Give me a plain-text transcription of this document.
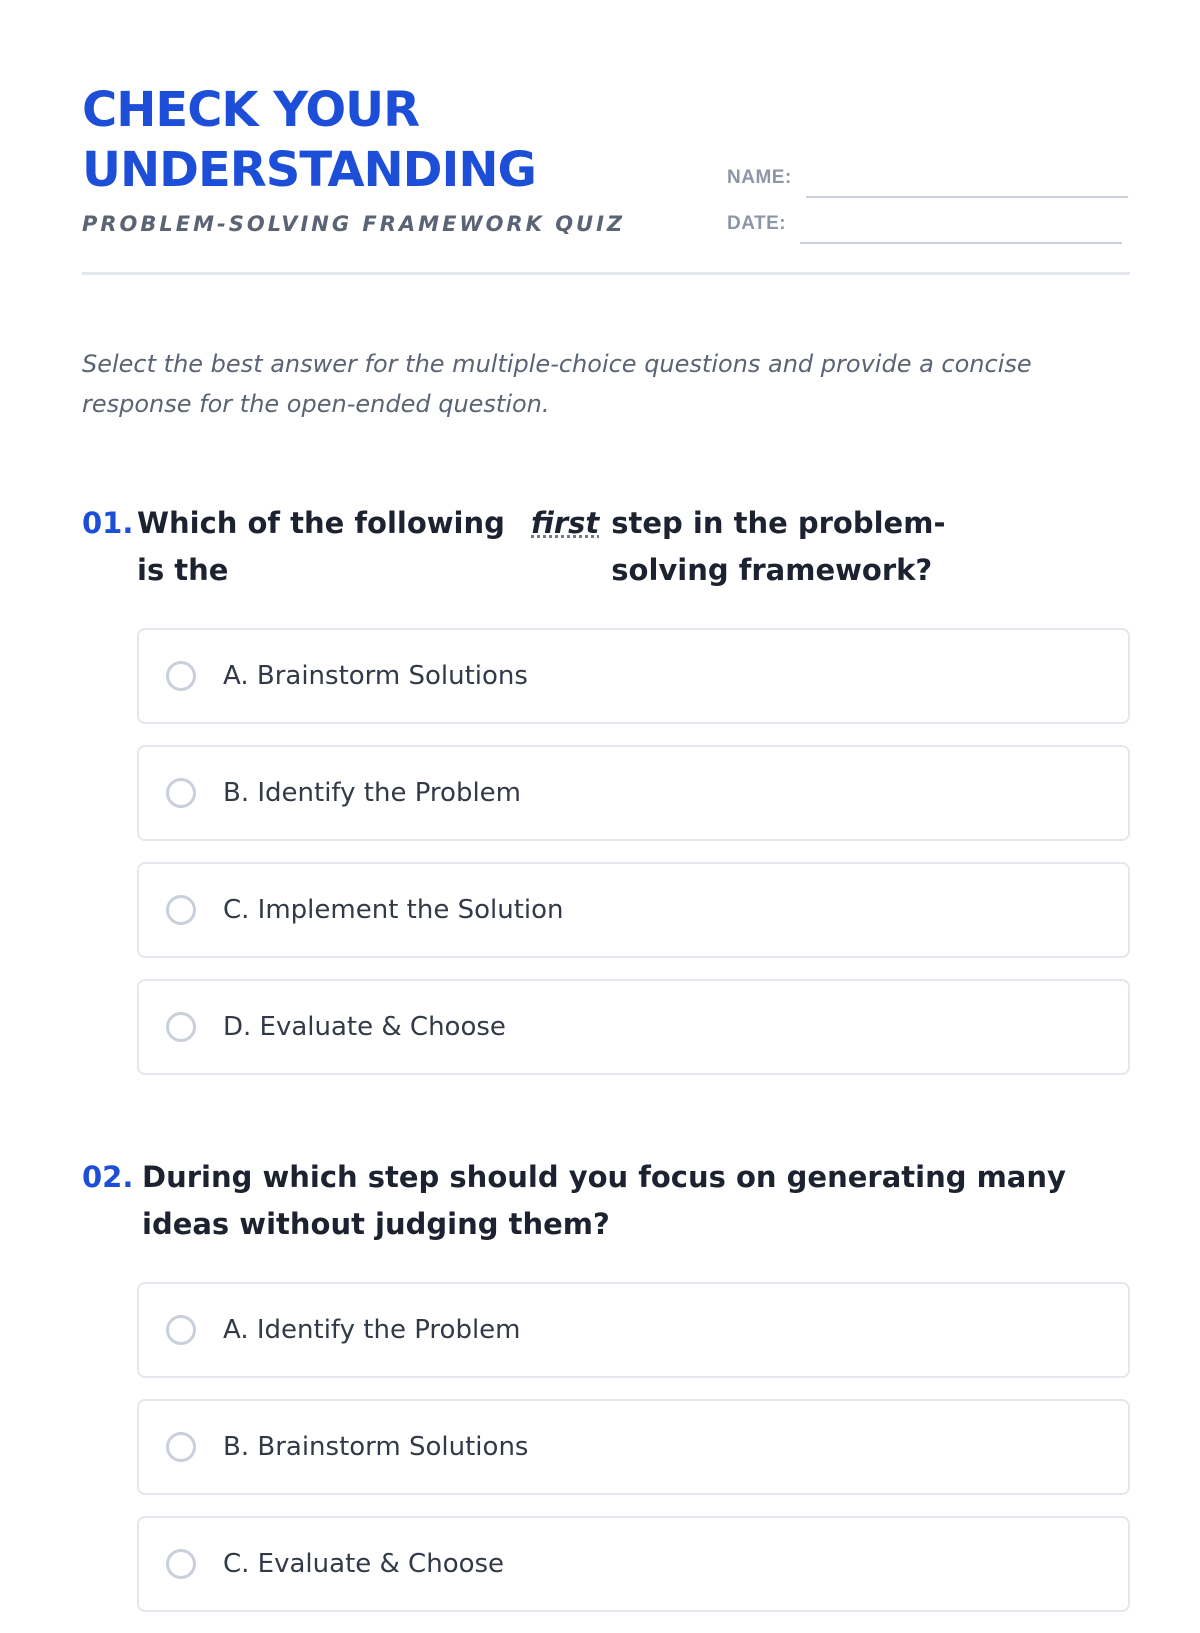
CHECK YOUR
UNDERSTANDING
PROBLEM-SOLVING FRAMEWORK QUIZ
NAME:
DATE:
Select the best answer for the multiple-choice questions and provide a concise response for the open-ended question.
01. Which of the following is the
first step in the problem-solving framework?
A. Brainstorm Solutions
B. Identify the Problem
C. Implement the Solution
D. Evaluate & Choose
02. During which step should you focus on generating many ideas without judging them?
A. Identify the Problem
B. Brainstorm Solutions
C. Evaluate & Choose
